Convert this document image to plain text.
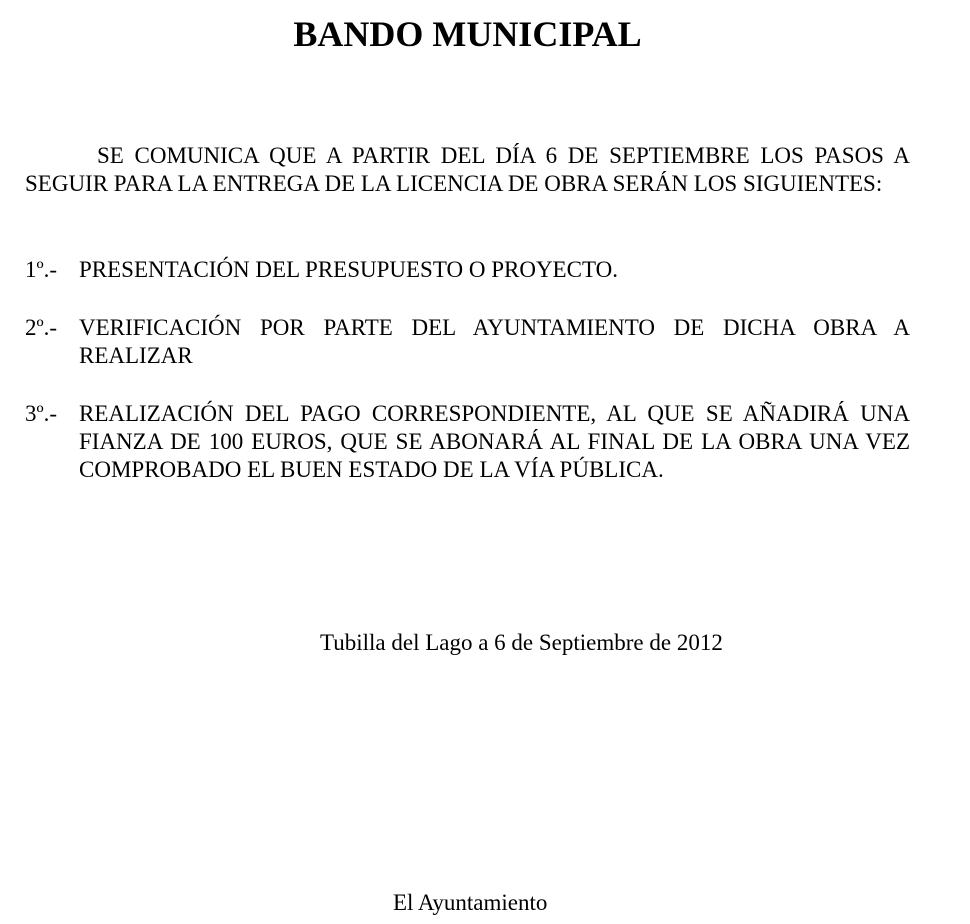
BANDO MUNICIPAL
SE COMUNICA QUE A PARTIR DEL DÍA 6 DE SEPTIEMBRE LOS PASOS A SEGUIR PARA LA ENTREGA DE LA LICENCIA DE OBRA SERÁN LOS SIGUIENTES:
1º.- PRESENTACIÓN DEL PRESUPUESTO O PROYECTO.
2º.- VERIFICACIÓN POR PARTE DEL AYUNTAMIENTO DE DICHA OBRA A REALIZAR
3º.- REALIZACIÓN DEL PAGO CORRESPONDIENTE, AL QUE SE AÑADIRÁ UNA FIANZA DE 100 EUROS, QUE SE ABONARÁ AL FINAL DE LA OBRA UNA VEZ COMPROBADO EL BUEN ESTADO DE LA VÍA PÚBLICA.
Tubilla del Lago a 6 de Septiembre de 2012
El Ayuntamiento
